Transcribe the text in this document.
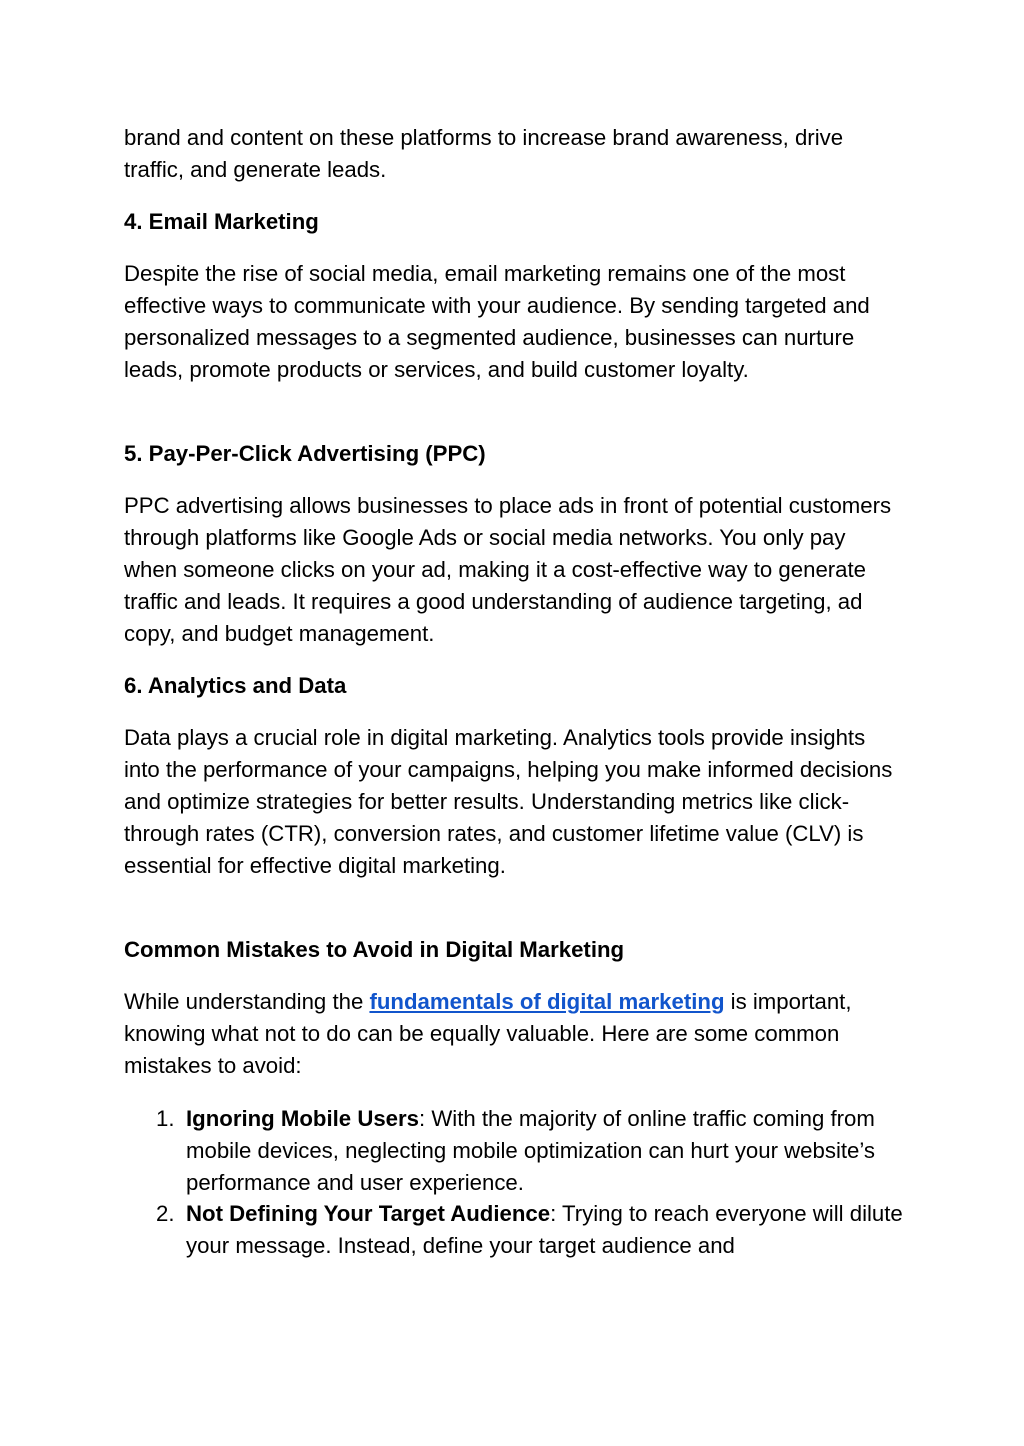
brand and content on these platforms to increase brand awareness, drive traffic, and generate leads.

4. Email Marketing

Despite the rise of social media, email marketing remains one of the most effective ways to communicate with your audience. By sending targeted and personalized messages to a segmented audience, businesses can nurture leads, promote products or services, and build customer loyalty.

5. Pay-Per-Click Advertising (PPC)

PPC advertising allows businesses to place ads in front of potential customers through platforms like Google Ads or social media networks. You only pay when someone clicks on your ad, making it a cost-effective way to generate traffic and leads. It requires a good understanding of audience targeting, ad copy, and budget management.

6. Analytics and Data

Data plays a crucial role in digital marketing. Analytics tools provide insights into the performance of your campaigns, helping you make informed decisions and optimize strategies for better results. Understanding metrics like click-through rates (CTR), conversion rates, and customer lifetime value (CLV) is essential for effective digital marketing.

Common Mistakes to Avoid in Digital Marketing

While understanding the fundamentals of digital marketing is important, knowing what not to do can be equally valuable. Here are some common mistakes to avoid:

1. Ignoring Mobile Users: With the majority of online traffic coming from mobile devices, neglecting mobile optimization can hurt your website’s performance and user experience.
2. Not Defining Your Target Audience: Trying to reach everyone will dilute your message. Instead, define your target audience and
